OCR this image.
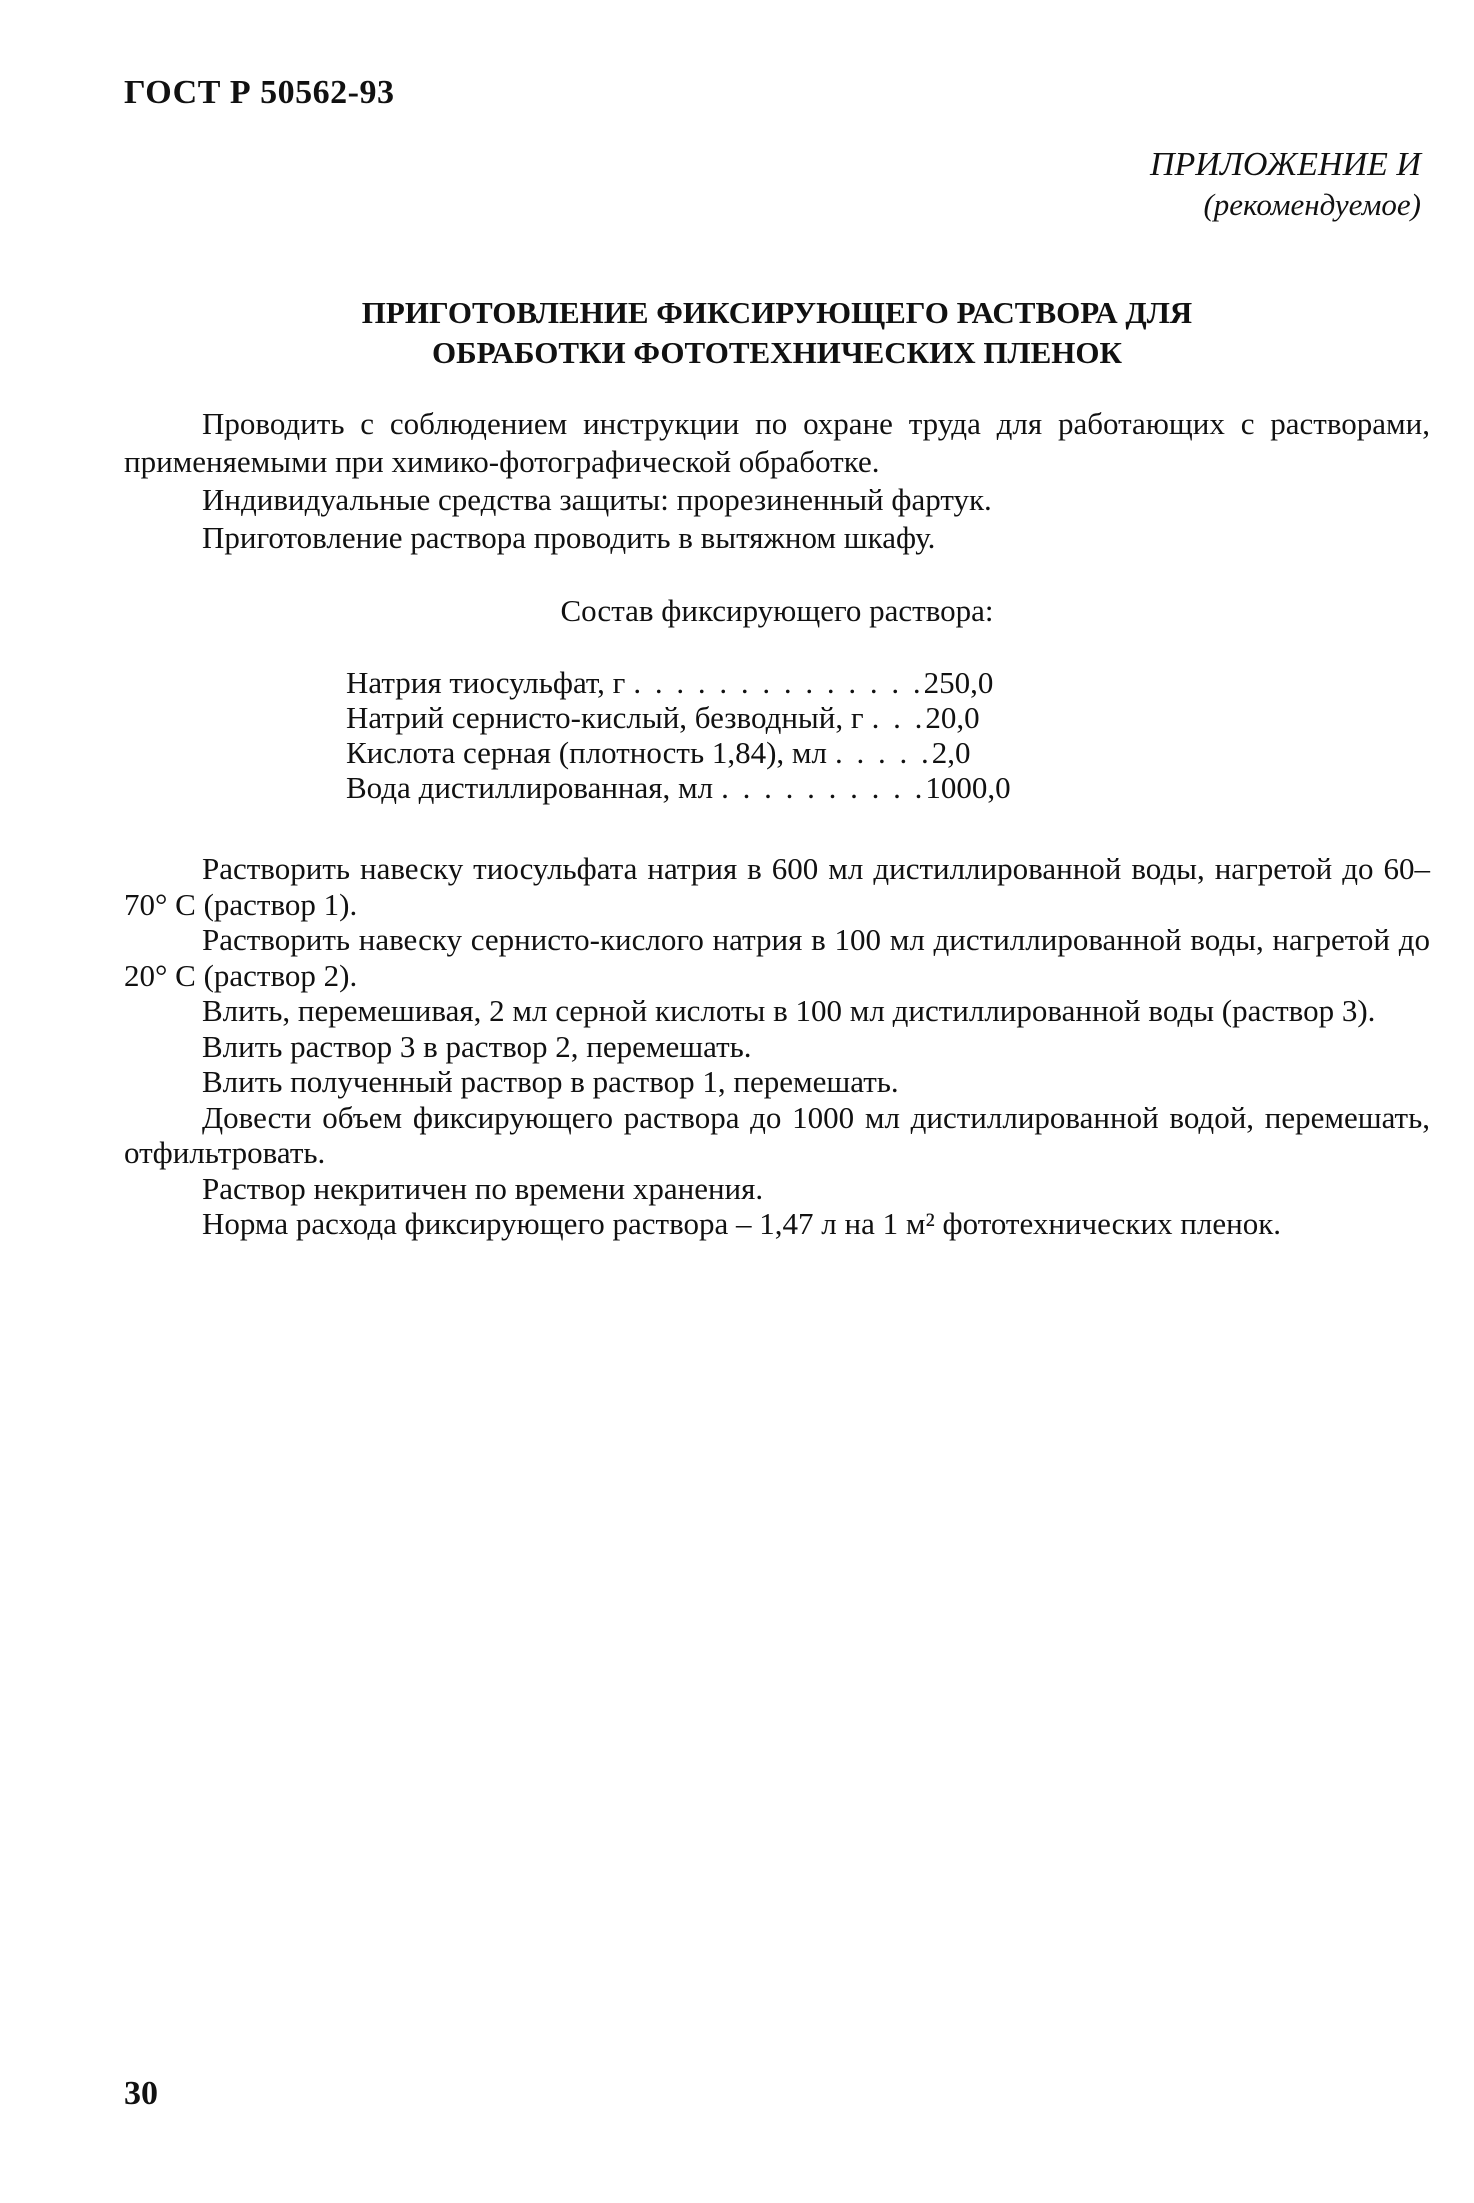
ГОСТ Р 50562-93
ПРИЛОЖЕНИЕ И
(рекомендуемое)
ПРИГОТОВЛЕНИЕ ФИКСИРУЮЩЕГО РАСТВОРА ДЛЯ
ОБРАБОТКИ ФОТОТЕХНИЧЕСКИХ ПЛЕНОК

Проводить с соблюдением инструкции по охране труда для работающих с растворами, применяемыми при химико-фотографической обработке.

Индивидуальные средства защиты: прорезиненный фартук.

Приготовление раствора проводить в вытяжном шкафу.

Состав фиксирующего раствора:
Натрия тиосульфат, г . . . . . . . . . . . . . . 250,0
Натрий сернисто-кислый, безводный, г . . . 20,0
Кислота серная (плотность 1,84), мл . . . . . 2,0
Вода дистиллированная, мл . . . . . . . . . . 1000,0

Растворить навеску тиосульфата натрия в 600 мл дистиллированной воды, нагретой до 60–70° С (раствор 1).

Растворить навеску сернисто-кислого натрия в 100 мл дистиллированной воды, нагретой до 20° С (раствор 2).

Влить, перемешивая, 2 мл серной кислоты в 100 мл дистиллированной воды (раствор 3).

Влить раствор 3 в раствор 2, перемешать.

Влить полученный раствор в раствор 1, перемешать.

Довести объем фиксирующего раствора до 1000 мл дистиллированной водой, перемешать, отфильтровать.

Раствор некритичен по времени хранения.

Норма расхода фиксирующего раствора – 1,47 л на 1 м² фототехнических пленок.

30
